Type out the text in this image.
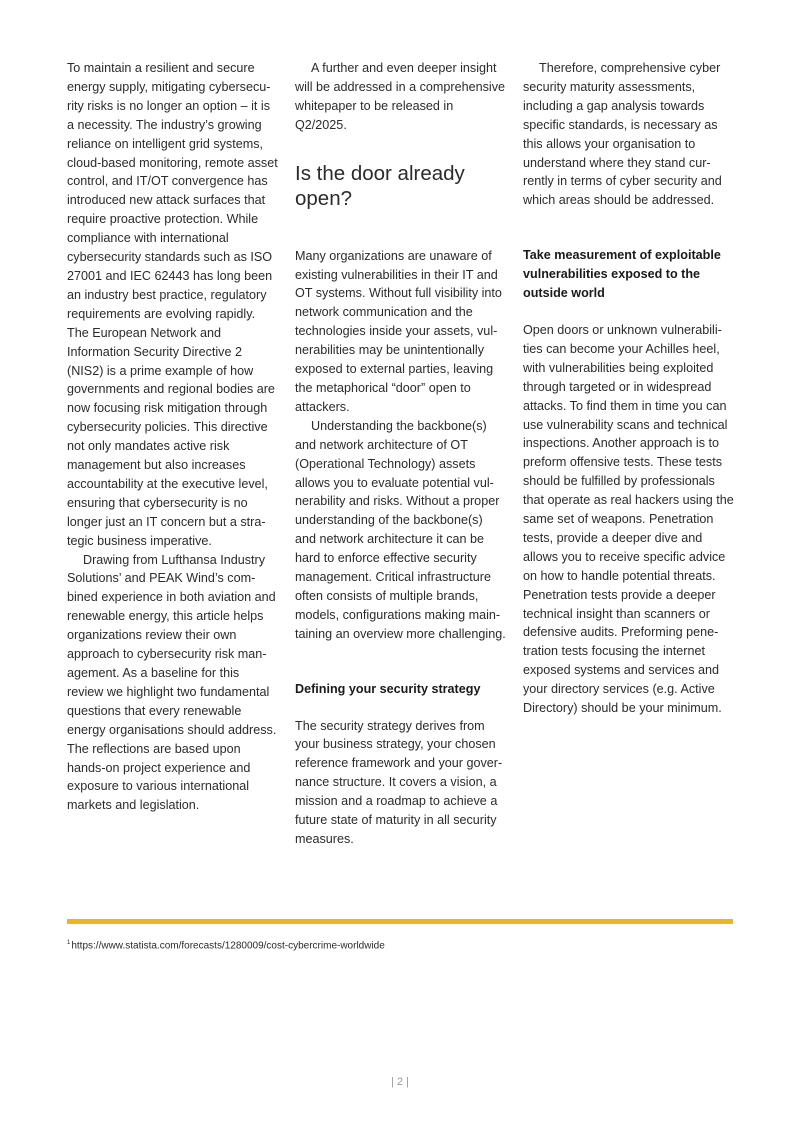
To maintain a resilient and secure energy supply, mitigating cybersecurity risks is no longer an option – it is a necessity. The industry’s growing reliance on intelligent grid systems, cloud-based monitoring, remote asset control, and IT/OT convergence has introduced new attack surfaces that require proactive protection. While compliance with international cybersecurity standards such as ISO 27001 and IEC 62443 has long been an industry best practice, regulatory requirements are evolving rapidly. The European Network and Information Security Directive 2 (NIS2) is a prime example of how governments and regional bodies are now focusing risk mitigation through cybersecurity policies. This directive not only mandates active risk management but also increases accountability at the executive level, ensuring that cybersecurity is no longer just an IT concern but a strategic business imperative.

Drawing from Lufthansa Industry Solutions’ and PEAK Wind’s combined experience in both aviation and renewable energy, this article helps organizations review their own approach to cybersecurity risk management. As a baseline for this review we highlight two fundamental questions that every renewable energy organisations should address. The reflections are based upon hands-on project experience and exposure to various international markets and legislation.

A further and even deeper insight will be addressed in a comprehensive whitepaper to be released in Q2/2025.

Is the door already open?

Many organizations are unaware of existing vulnerabilities in their IT and OT systems. Without full visibility into network communication and the technologies inside your assets, vulnerabilities may be unintentionally exposed to external parties, leaving the metaphorical “door” open to attackers.

Understanding the backbone(s) and network architecture of OT (Operational Technology) assets allows you to evaluate potential vulnerability and risks. Without a proper understanding of the backbone(s) and network architecture it can be hard to enforce effective security management. Critical infrastructure often consists of multiple brands, models, configurations making maintaining an overview more challenging.

Defining your security strategy

The security strategy derives from your business strategy, your chosen reference framework and your governance structure. It covers a vision, a mission and a roadmap to achieve a future state of maturity in all security measures.

Therefore, comprehensive cyber security maturity assessments, including a gap analysis towards specific standards, is necessary as this allows your organisation to understand where they stand currently in terms of cyber security and which areas should be addressed.

Take measurement of exploitable vulnerabilities exposed to the outside world

Open doors or unknown vulnerabilities can become your Achilles heel, with vulnerabilities being exploited through targeted or in widespread attacks. To find them in time you can use vulnerability scans and technical inspections. Another approach is to preform offensive tests. These tests should be fulfilled by professionals that operate as real hackers using the same set of weapons. Penetration tests, provide a deeper dive and allows you to receive specific advice on how to handle potential threats. Penetration tests provide a deeper technical insight than scanners or defensive audits. Preforming penetration tests focusing the internet exposed systems and services and your directory services (e.g. Active Directory) should be your minimum.

$^1$https://www.statista.com/forecasts/1280009/cost-cybercrime-worldwide
| 2 |
